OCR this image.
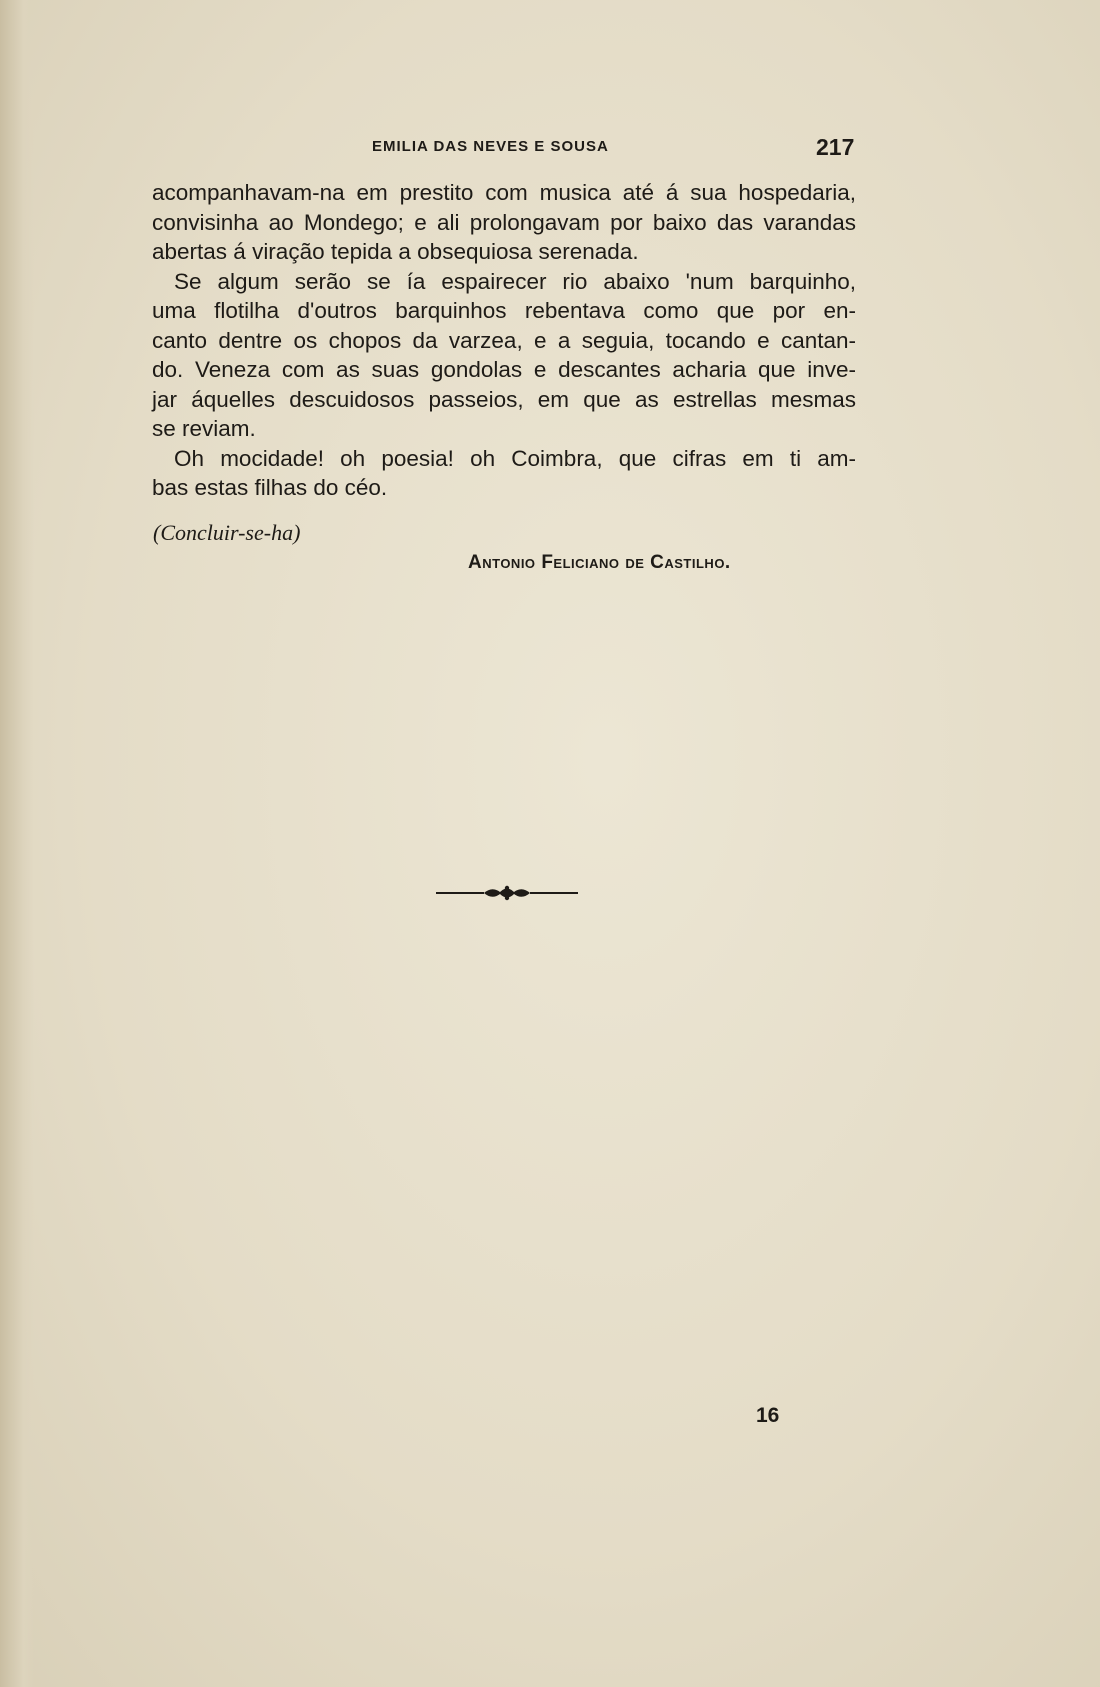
EMILIA DAS NEVES E SOUSA	217
acompanhavam-na em prestito com musica até á sua hospedaria,
convisinha ao Mondego; e ali prolongavam por baixo das varandas
abertas á viração tepida a obsequiosa serenada.
Se algum serão se ía espairecer rio abaixo 'num barquinho,
uma flotilha d'outros barquinhos rebentava como que por en-
canto dentre os chopos da varzea, e a seguia, tocando e cantan-
do. Veneza com as suas gondolas e descantes acharia que inve-
jar áquelles descuidosos passeios, em que as estrellas mesmas
se reviam.
Oh mocidade! oh poesia! oh Coimbra, que cifras em ti am-
bas estas filhas do céo.
(Concluir-se-ha)
Antonio Feliciano de Castilho.
16
